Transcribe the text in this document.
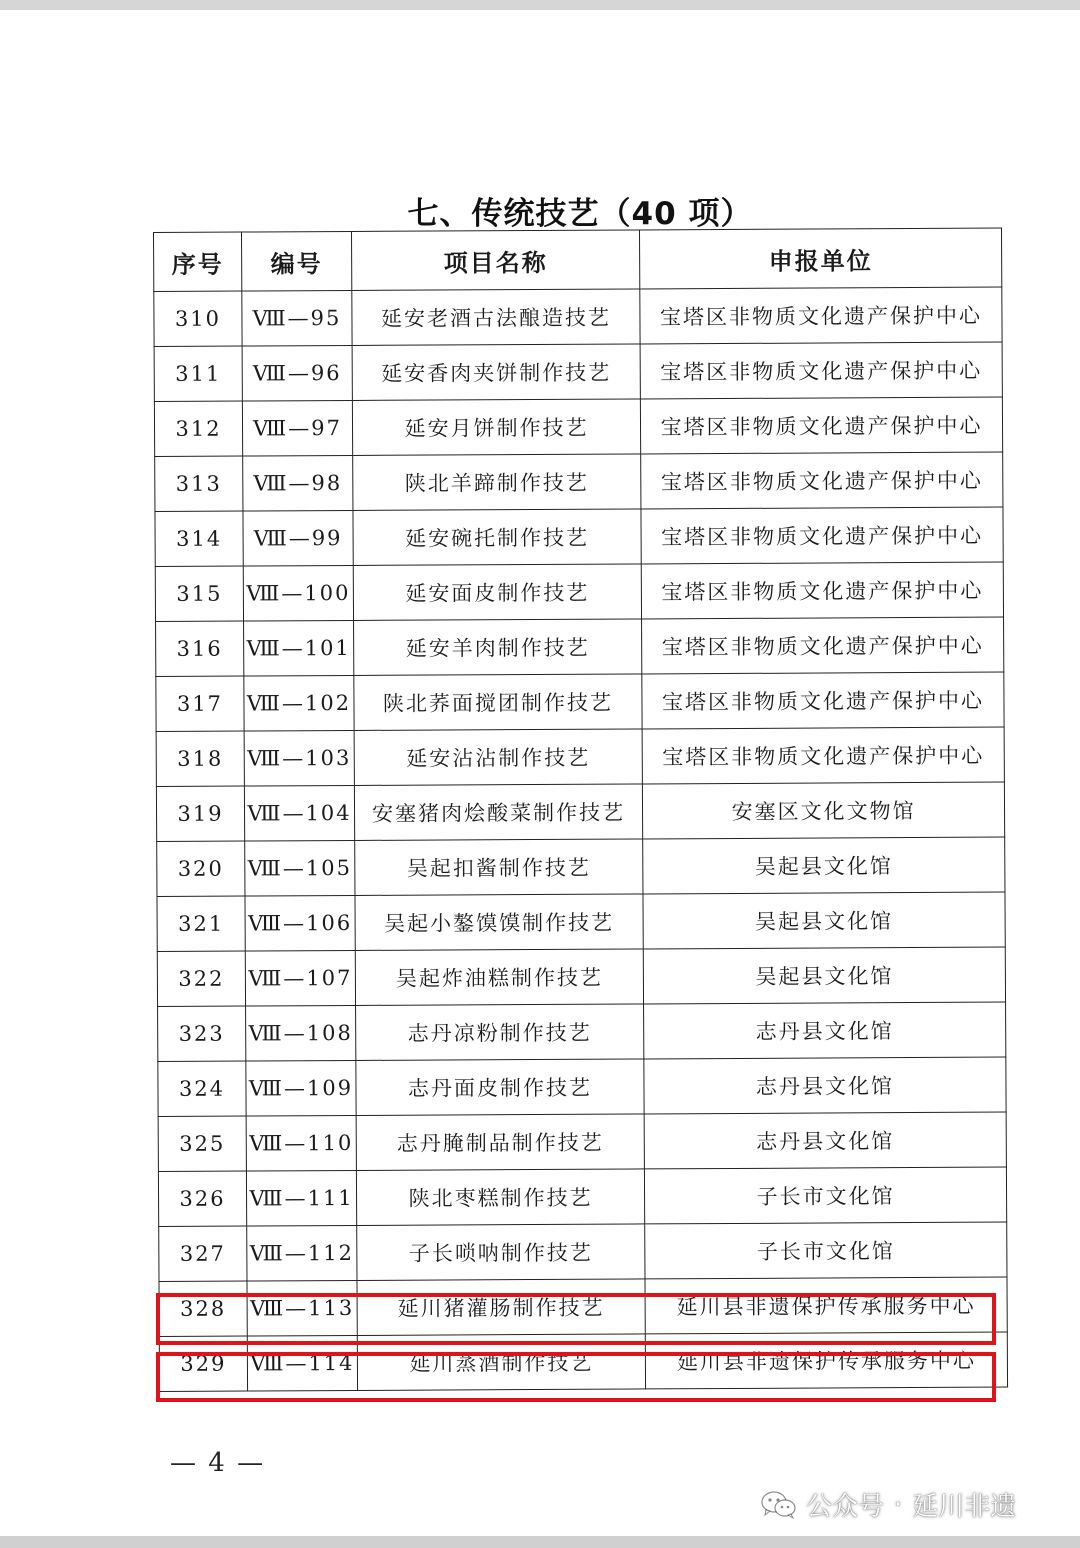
七、传统技艺（40 项）
序号	编号	项目名称	申报单位
310	Ⅷ—95	延安老酒古法酿造技艺	宝塔区非物质文化遗产保护中心
311	Ⅷ—96	延安香肉夹饼制作技艺	宝塔区非物质文化遗产保护中心
312	Ⅷ—97	延安月饼制作技艺	宝塔区非物质文化遗产保护中心
313	Ⅷ—98	陕北羊蹄制作技艺	宝塔区非物质文化遗产保护中心
314	Ⅷ—99	延安碗托制作技艺	宝塔区非物质文化遗产保护中心
315	Ⅷ—100	延安面皮制作技艺	宝塔区非物质文化遗产保护中心
316	Ⅷ—101	延安羊肉制作技艺	宝塔区非物质文化遗产保护中心
317	Ⅷ—102	陕北荞面搅团制作技艺	宝塔区非物质文化遗产保护中心
318	Ⅷ—103	延安沾沾制作技艺	宝塔区非物质文化遗产保护中心
319	Ⅷ—104	安塞猪肉烩酸菜制作技艺	安塞区文化文物馆
320	Ⅷ—105	吴起扣酱制作技艺	吴起县文化馆
321	Ⅷ—106	吴起小鏊馍馍制作技艺	吴起县文化馆
322	Ⅷ—107	吴起炸油糕制作技艺	吴起县文化馆
323	Ⅷ—108	志丹凉粉制作技艺	志丹县文化馆
324	Ⅷ—109	志丹面皮制作技艺	志丹县文化馆
325	Ⅷ—110	志丹腌制品制作技艺	志丹县文化馆
326	Ⅷ—111	陕北枣糕制作技艺	子长市文化馆
327	Ⅷ—112	子长唢呐制作技艺	子长市文化馆
328	Ⅷ—113	延川猪灌肠制作技艺	延川县非遗保护传承服务中心
329	Ⅷ—114	延川蒸酒制作技艺	延川县非遗保护传承服务中心
— 4 —
公众号 · 延川非遗
